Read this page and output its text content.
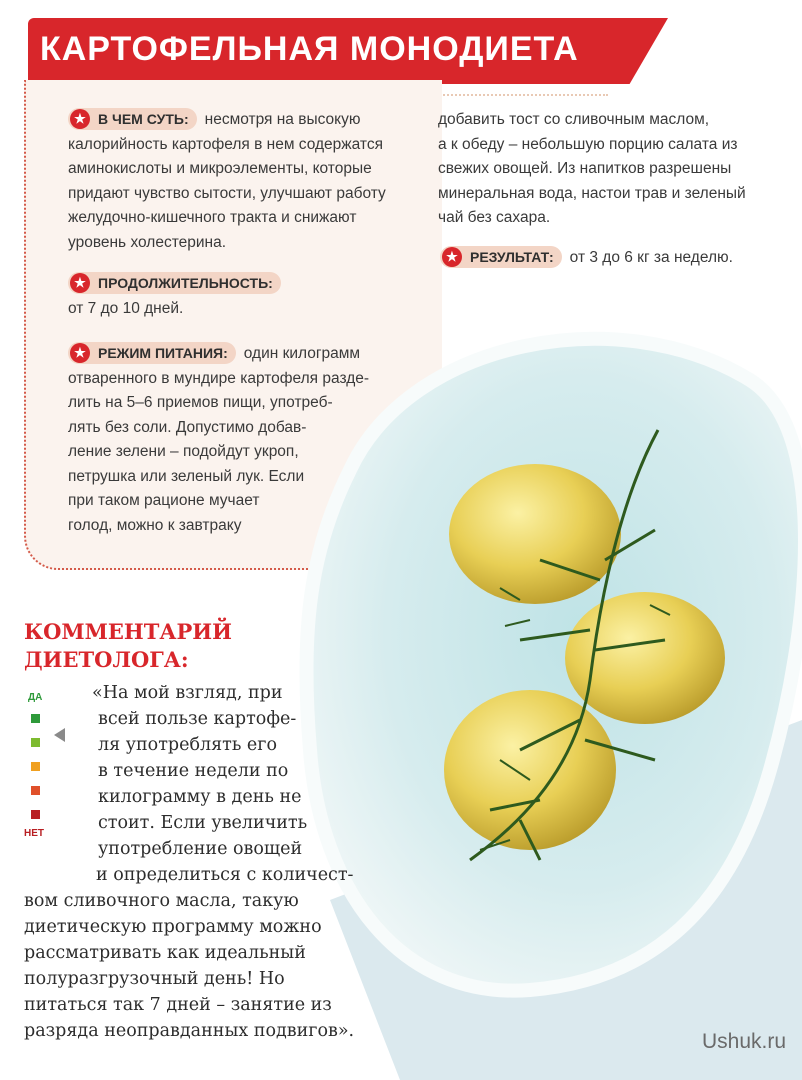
КАРТОФЕЛЬНАЯ МОНОДИЕТА
★ В ЧЕМ СУТЬ: несмотря на высокую
калорийность картофеля в нем содержатся
аминокислоты и микроэлементы, которые
придают чувство сытости, улучшают работу
желудочно-кишечного тракта и снижают
уровень холестерина.
★ ПРОДОЛЖИТЕЛЬНОСТЬ:
от 7 до 10 дней.
★ РЕЖИМ ПИТАНИЯ: один килограмм
отваренного в мундире картофеля разде-
лить на 5–6 приемов пищи, употреб-
лять без соли. Допустимо добав-
ление зелени – подойдут укроп,
петрушка или зеленый лук. Если
при таком рационе мучает
голод, можно к завтраку
добавить тост со сливочным маслом,
а к обеду – небольшую порцию салата из
свежих овощей. Из напитков разрешены
минеральная вода, настои трав и зеленый
чай без сахара.
★ РЕЗУЛЬТАТ: от 3 до 6 кг за неделю.
КОММЕНТАРИЙ
ДИЕТОЛОГА:
ДА
НЕТ
«На мой взгляд, при
всей пользе картофе-
ля употреблять его
в течение недели по
килограмму в день не
стоит. Если увеличить
употребление овощей
и определиться с количест-
вом сливочного масла, такую
диетическую программу можно
рассматривать как идеальный
полуразгрузочный день! Но
питаться так 7 дней – занятие из
разряда неоправданных подвигов».	Ushuk.ru
